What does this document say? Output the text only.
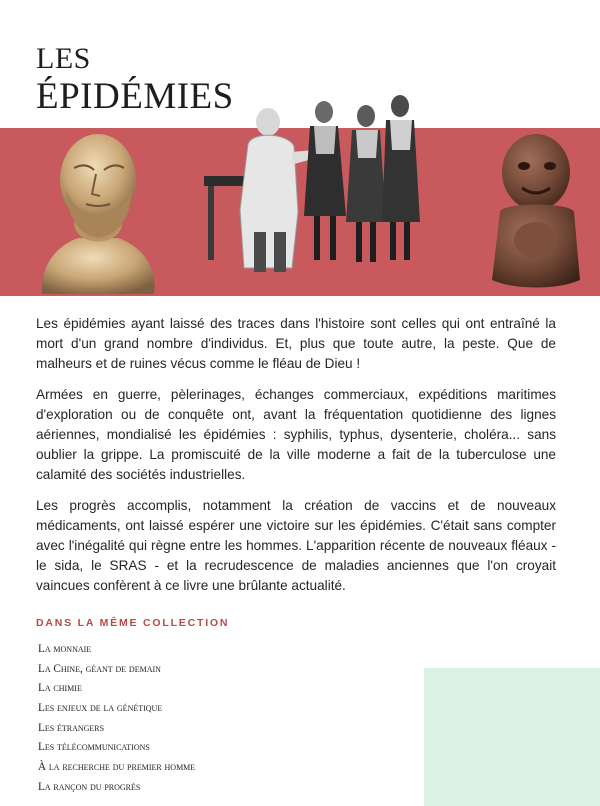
LES
ÉPIDÉMIES

Les épidémies ayant laissé des traces dans l'histoire sont celles qui ont entraîné la mort d'un grand nombre d'individus. Et, plus que toute autre, la peste. Que de malheurs et de ruines vécus comme le fléau de Dieu !

Armées en guerre, pèlerinages, échanges commerciaux, expéditions maritimes d'exploration ou de conquête ont, avant la fréquentation quotidienne des lignes aériennes, mondialisé les épidémies : syphilis, typhus, dysenterie, choléra... sans oublier la grippe. La promiscuité de la ville moderne a fait de la tuberculose une calamité des sociétés industrielles.

Les progrès accomplis, notamment la création de vaccins et de nouveaux médicaments, ont laissé espérer une victoire sur les épidémies. C'était sans compter avec l'inégalité qui règne entre les hommes. L'apparition récente de nouveaux fléaux - le sida, le SRAS - et la recrudescence de maladies anciennes que l'on croyait vaincues confèrent à ce livre une brûlante actualité.

DANS LA MÊME COLLECTION
La monnaie
La Chine, géant de demain
La chimie
Les enjeux de la génétique
Les étrangers
Les télécommunications
À la recherche du premier homme
La rançon du progrès
